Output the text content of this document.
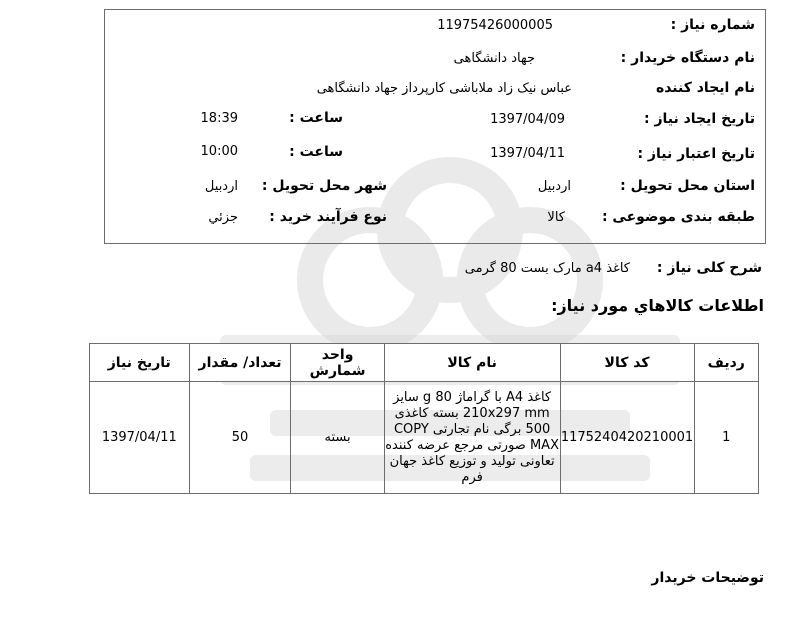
شماره نیاز :
11975426000005
نام دستگاه خریدار :
جهاد دانشگاهی
نام ایجاد کننده
عباس نیک زاد ملاباشی کارپرداز جهاد دانشگاهی
تاریخ ایجاد نیاز :
1397/04/09
ساعت :
18:39
تاریخ اعتبار نیاز :
1397/04/11
ساعت :
10:00
استان محل تحویل :
اردبیل
شهر محل تحویل :
اردبیل
طبقه بندی موضوعی :
کالا
نوع فرآیند خرید :
جزئي
شرح کلی نیاز :
کاغذ a4 مارک بست 80 گرمی
اطلاعات کالاهاي مورد نیاز:
ردیف	کد کالا	نام کالا	واحد شمارش	تعداد/ مقدار	تاریخ نیاز
1	1175240420210001	کاغذ A4 با گراماژ 80 g سایز 210x297 mm بسته کاغذی 500 برگی نام تجارتی COPY MAX صورتی مرجع عرضه کننده تعاونی تولید و توزیع کاغذ جهان فرم	بسته	50	1397/04/11
توضیحات خریدار
